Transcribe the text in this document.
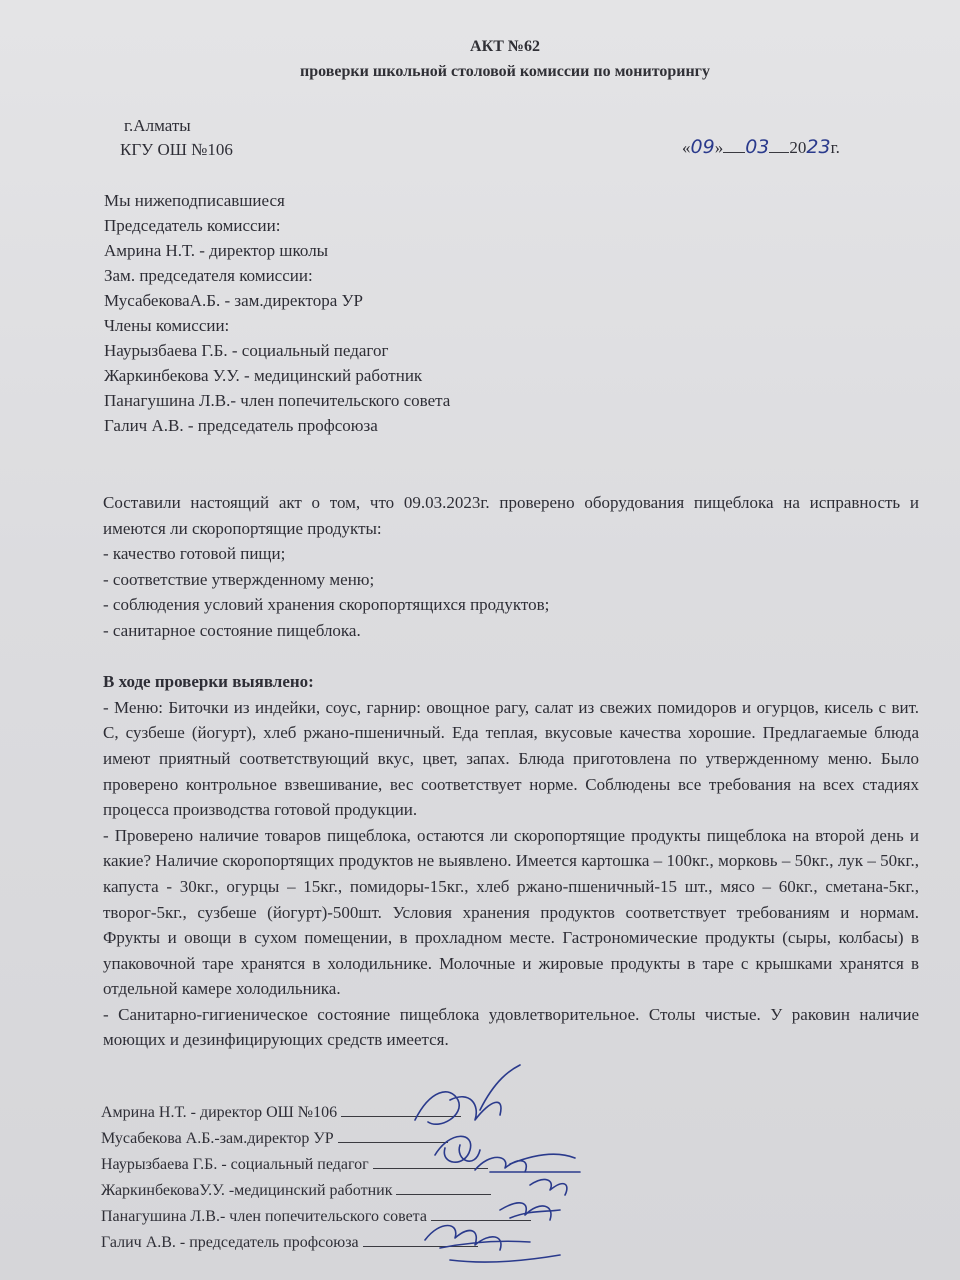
АКТ №62
проверки школьной столовой комиссии по мониторингу
г.Алматы
КГУ ОШ №106	«09» 03 2023г.
Мы нижеподписавшиеся
Председатель комиссии:
Амрина Н.Т. - директор школы
Зам. председателя комиссии:
МусабековаА.Б. - зам.директора УР
Члены комиссии:
Наурызбаева Г.Б. - социальный педагог
Жаркинбекова У.У. - медицинский работник
Панагушина Л.В.- член попечительского совета
Галич А.В. - председатель профсоюза

Составили настоящий акт о том, что 09.03.2023г. проверено оборудования пищеблока на исправность и имеются ли скоропортящие продукты:

- качество готовой пищи;

- соответствие утвержденному меню;

- соблюдения условий хранения скоропортящихся продуктов;

- санитарное состояние пищеблока.

В ходе проверки выявлено:

- Меню: Биточки из индейки, соус, гарнир: овощное рагу, салат из свежих помидоров и огурцов, кисель с вит. С, сузбеше (йогурт), хлеб ржано-пшеничный. Еда теплая, вкусовые качества хорошие. Предлагаемые блюда имеют приятный соответствующий вкус, цвет, запах. Блюда приготовлена по утвержденному меню. Было проверено контрольное взвешивание, вес соответствует норме. Соблюдены все требования на всех стадиях процесса производства готовой продукции.

- Проверено наличие товаров пищеблока, остаются ли скоропортящие продукты пищеблока на второй день и какие? Наличие скоропортящих продуктов не выявлено. Имеется картошка – 100кг., морковь – 50кг., лук – 50кг., капуста - 30кг., огурцы – 15кг., помидоры-15кг., хлеб ржано-пшеничный-15 шт., мясо – 60кг., сметана-5кг., творог-5кг., сузбеше (йогурт)-500шт. Условия хранения продуктов соответствует требованиям и нормам. Фрукты и овощи в сухом помещении, в прохладном месте. Гастрономические продукты (сыры, колбасы) в упаковочной таре хранятся в холодильнике. Молочные и жировые продукты в таре с крышками хранятся в отдельной камере холодильника.

- Санитарно-гигиеническое состояние пищеблока удовлетворительное. Столы чистые. У раковин наличие моющих и дезинфицирующих средств имеется.

Амрина Н.Т. - директор ОШ №106
Мусабекова А.Б.-зам.директор УР
Наурызбаева Г.Б. - социальный педагог
ЖаркинбековаУ.У. -медицинский работник
Панагушина Л.В.- член попечительского совета
Галич А.В. - председатель профсоюза
